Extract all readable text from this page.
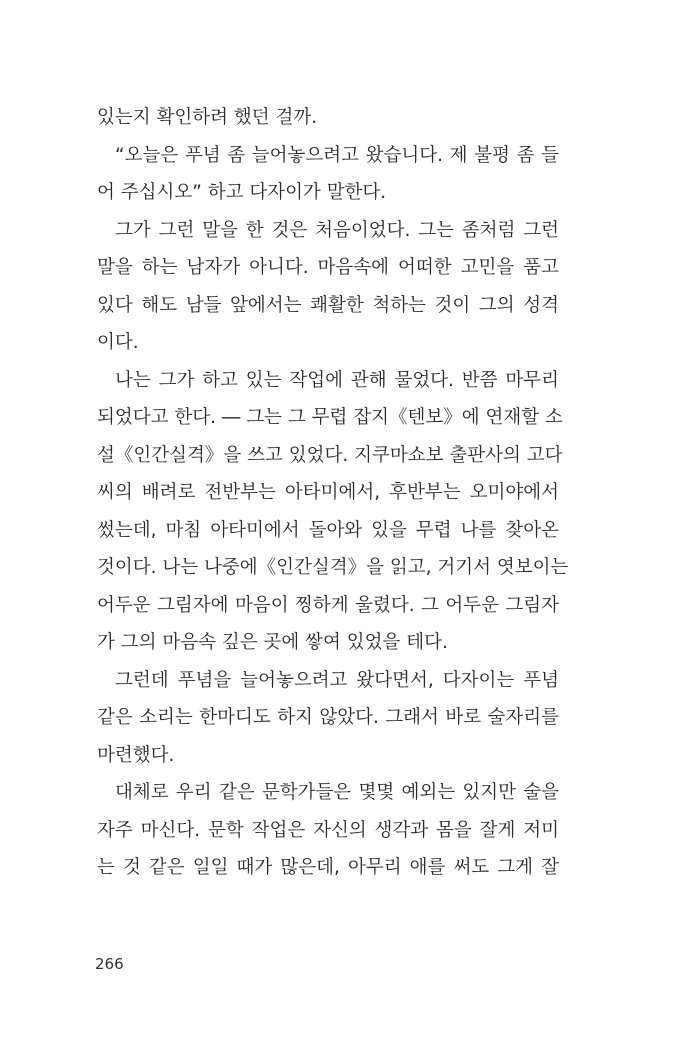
있는지 확인하려 했던 걸까.
“오늘은 푸념 좀 늘어놓으려고 왔습니다. 제 불평 좀 들
어 주십시오” 하고 다자이가 말한다.
그가 그런 말을 한 것은 처음이었다. 그는 좀처럼 그런
말을 하는 남자가 아니다. 마음속에 어떠한 고민을 품고
있다 해도 남들 앞에서는 쾌활한 척하는 것이 그의 성격
이다.
나는 그가 하고 있는 작업에 관해 물었다. 반쯤 마무리
되었다고 한다. ― 그는 그 무렵 잡지《텐보》에 연재할 소
설《인간실격》을 쓰고 있었다. 지쿠마쇼보 출판사의 고다
씨의 배려로 전반부는 아타미에서, 후반부는 오미야에서
썼는데, 마침 아타미에서 돌아와 있을 무렵 나를 찾아온
것이다. 나는 나중에《인간실격》을 읽고, 거기서 엿보이는
어두운 그림자에 마음이 찡하게 울렸다. 그 어두운 그림자
가 그의 마음속 깊은 곳에 쌓여 있었을 테다.
그런데 푸념을 늘어놓으려고 왔다면서, 다자이는 푸념
같은 소리는 한마디도 하지 않았다. 그래서 바로 술자리를
마련했다.
대체로 우리 같은 문학가들은 몇몇 예외는 있지만 술을
자주 마신다. 문학 작업은 자신의 생각과 몸을 잘게 저미
는 것 같은 일일 때가 많은데, 아무리 애를 써도 그게 잘
266
